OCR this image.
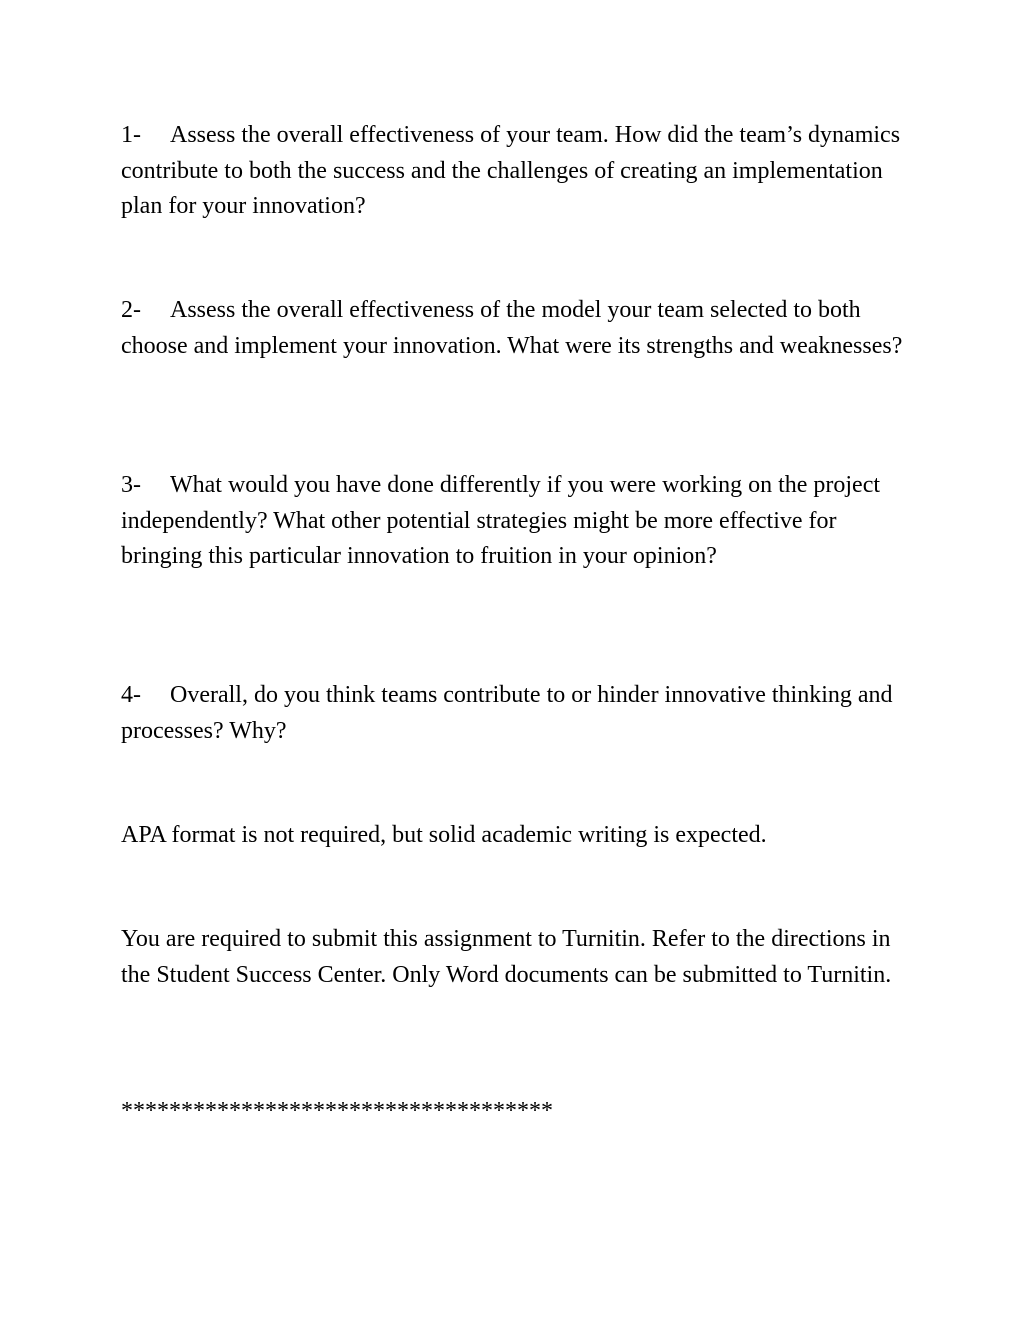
1- Assess the overall effectiveness of your team. How did the team’s dynamics contribute to both the success and the challenges of creating an implementation plan for your innovation?

2- Assess the overall effectiveness of the model your team selected to both choose and implement your innovation. What were its strengths and weaknesses?

3- What would you have done differently if you were working on the project independently? What other potential strategies might be more effective for bringing this particular innovation to fruition in your opinion?

4- Overall, do you think teams contribute to or hinder innovative thinking and processes? Why?

APA format is not required, but solid academic writing is expected.

You are required to submit this assignment to Turnitin. Refer to the directions in the Student Success Center. Only Word documents can be submitted to Turnitin.

************************************
